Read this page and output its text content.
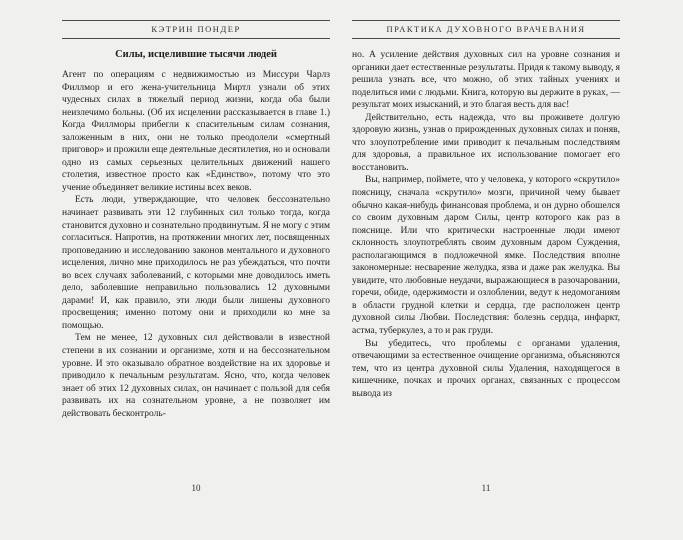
КЭТРИН ПОНДЕР
Силы, исцелившие тысячи людей

Агент по операциям с недвижимостью из Миссури Чарлз Филлмор и его жена-учительница Миртл узнали об этих чудесных силах в тяжелый период жизни, когда оба были неизлечимо больны. (Об их исцелении рассказывается в главе 1.) Когда Филлморы прибегли к спасительным силам сознания, заложенным в них, они не только преодолели «смертный приговор» и прожили еще деятельные десятилетия, но и основали одно из самых серьезных целительных движений нашего столетия, известное просто как «Единство», потому что это учение объединяет великие истины всех веков.

Есть люди, утверждающие, что человек бессознательно начинает развивать эти 12 глубинных сил только тогда, когда становится духовно и сознательно продвинутым. Я не могу с этим согласиться. Напротив, на протяжении многих лет, посвященных проповеданию и исследованию законов ментального и духовного исцеления, лично мне приходилось не раз убеждаться, что почти во всех случаях заболеваний, с которыми мне доводилось иметь дело, заболевшие неправильно пользовались 12 духовными дарами! И, как правило, эти люди были лишены духовного просвещения; именно потому они и приходили ко мне за помощью.

Тем не менее, 12 духовных сил действовали в известной степени в их сознании и организме, хотя и на бессознательном уровне. И это оказывало обратное воздействие на их здоровье и приводило к печальным результатам. Ясно, что, когда человек знает об этих 12 духовных силах, он начинает с пользой для себя развивать их на сознательном уровне, а не позволяет им действовать бесконтроль-

ПРАКТИКА ДУХОВНОГО ВРАЧЕВАНИЯ

но. А усиление действия духовных сил на уровне сознания и органики дает естественные результаты. Придя к такому выводу, я решила узнать все, что можно, об этих тайных учениях и поделиться ими с людьми. Книга, которую вы держите в руках, — результат моих изысканий, и это благая весть для вас!

Действительно, есть надежда, что вы проживете долгую здоровую жизнь, узнав о прирожденных духовных силах и поняв, что злоупотребление ими приводит к печальным последствиям для здоровья, а правильное их использование помогает его восстановить.

Вы, например, поймете, что у человека, у которого «скрутило» поясницу, сначала «скрутило» мозги, причиной чему бывает обычно какая-нибудь финансовая проблема, и он дурно обошелся со своим духовным даром Силы, центр которого как раз в пояснице. Или что критически настроенные люди имеют склонность злоупотреблять своим духовным даром Суждения, располагающимся в подложечной ямке. Последствия вполне закономерные: несварение желудка, язва и даже рак желудка. Вы увидите, что любовные неудачи, выражающиеся в разочаровании, горечи, обиде, одержимости и озлоблении, ведут к недомоганиям в области грудной клетки и сердца, где расположен центр духовной силы Любви. Последствия: болезнь сердца, инфаркт, астма, туберкулез, а то и рак груди.

Вы убедитесь, что проблемы с органами удаления, отвечающими за естественное очищение организма, объясняются тем, что из центра духовной силы Удаления, находящегося в кишечнике, почках и прочих органах, связанных с процессом вывода из

10	11
